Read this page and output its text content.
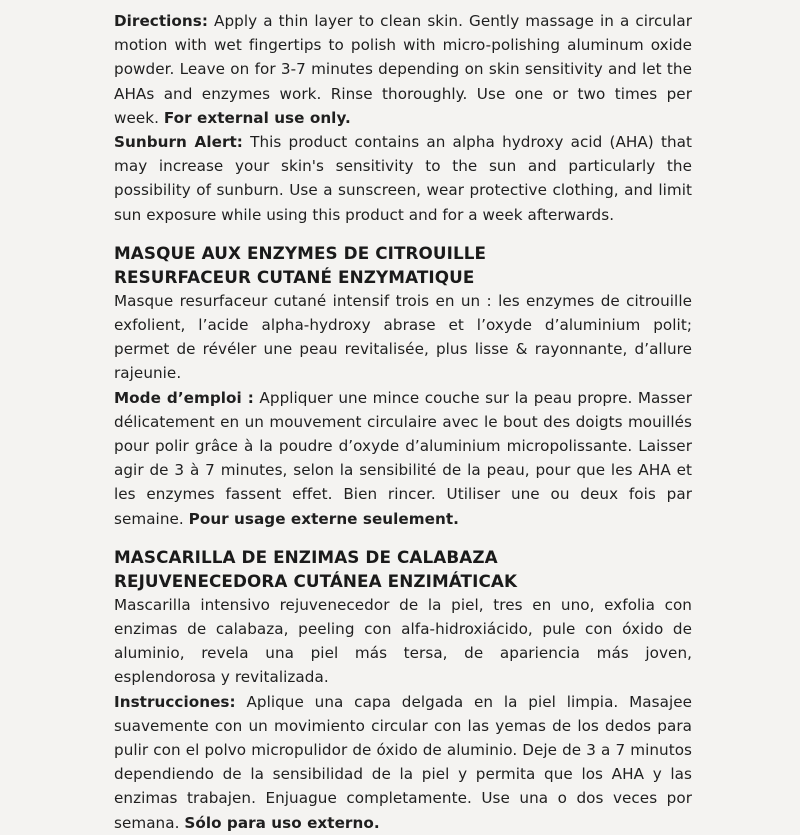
Directions: Apply a thin layer to clean skin. Gently massage in a circular motion with wet fingertips to polish with micro-polishing aluminum oxide powder. Leave on for 3-7 minutes depending on skin sensitivity and let the AHAs and enzymes work. Rinse thoroughly. Use one or two times per week. For external use only.

Sunburn Alert: This product contains an alpha hydroxy acid (AHA) that may increase your skin's sensitivity to the sun and particularly the possibility of sunburn. Use a sunscreen, wear protective clothing, and limit sun exposure while using this product and for a week afterwards.

MASQUE AUX ENZYMES DE CITROUILLE
RESURFACEUR CUTANÉ ENZYMATIQUE

Masque resurfaceur cutané intensif trois en un : les enzymes de citrouille exfolient, l’acide alpha-hydroxy abrase et l’oxyde d’aluminium polit; permet de révéler une peau revitalisée, plus lisse & rayonnante, d’allure rajeunie.

Mode d’emploi : Appliquer une mince couche sur la peau propre. Masser délicatement en un mouvement circulaire avec le bout des doigts mouillés pour polir grâce à la poudre d’oxyde d’aluminium micropolissante. Laisser agir de 3 à 7 minutes, selon la sensibilité de la peau, pour que les AHA et les enzymes fassent effet. Bien rincer. Utiliser une ou deux fois par semaine. Pour usage externe seulement.

MASCARILLA DE ENZIMAS DE CALABAZA
REJUVENECEDORA CUTÁNEA ENZIMÁTICAK

Mascarilla intensivo rejuvenecedor de la piel, tres en uno, exfolia con enzimas de calabaza, peeling con alfa-hidroxiácido, pule con óxido de aluminio, revela una piel más tersa, de apariencia más joven, esplendorosa y revitalizada.

Instrucciones: Aplique una capa delgada en la piel limpia. Masajee suavemente con un movimiento circular con las yemas de los dedos para pulir con el polvo micropulidor de óxido de aluminio. Deje de 3 a 7 minutos dependiendo de la sensibilidad de la piel y permita que los AHA y las enzimas trabajen. Enjuague completamente. Use una o dos veces por semana. Sólo para uso externo.
